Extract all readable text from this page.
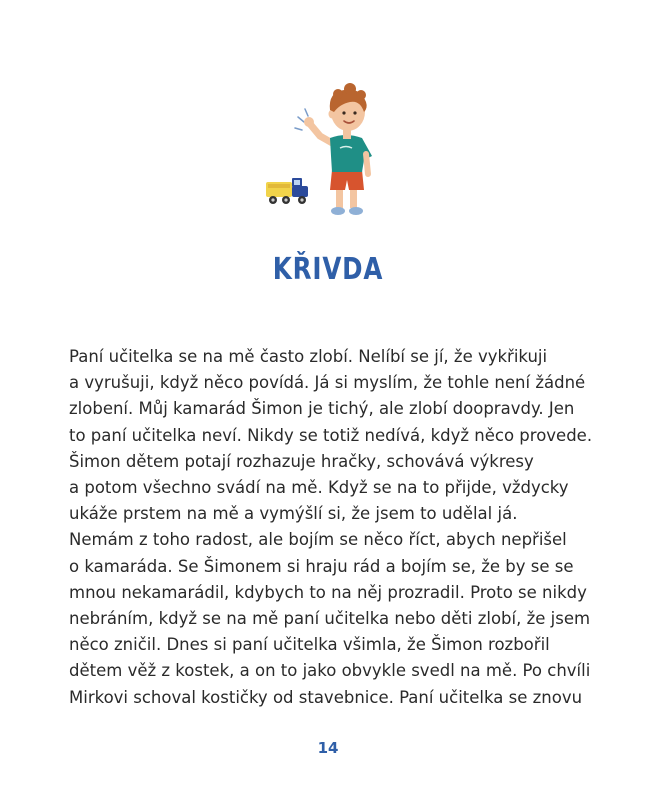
KŘIVDA
Paní učitelka se na mě často zlobí. Nelíbí se jí, že vykřikuji
a vyrušuji, když něco povídá. Já si myslím, že tohle není žádné
zlobení. Můj kamarád Šimon je tichý, ale zlobí doopravdy. Jen
to paní učitelka neví. Nikdy se totiž nedívá, když něco provede.
Šimon dětem potají rozhazuje hračky, schovává výkresy
a potom všechno svádí na mě. Když se na to přijde, vždycky
ukáže prstem na mě a vymýšlí si, že jsem to udělal já.
Nemám z toho radost, ale bojím se něco říct, abych nepřišel
o kamaráda. Se Šimonem si hraju rád a bojím se, že by se se
mnou nekamarádil, kdybych to na něj prozradil. Proto se nikdy
nebráním, když se na mě paní učitelka nebo děti zlobí, že jsem
něco zničil. Dnes si paní učitelka všimla, že Šimon rozbořil
dětem věž z kostek, a on to jako obvykle svedl na mě. Po chvíli
Mirkovi schoval kostičky od stavebnice. Paní učitelka se znovu
14
